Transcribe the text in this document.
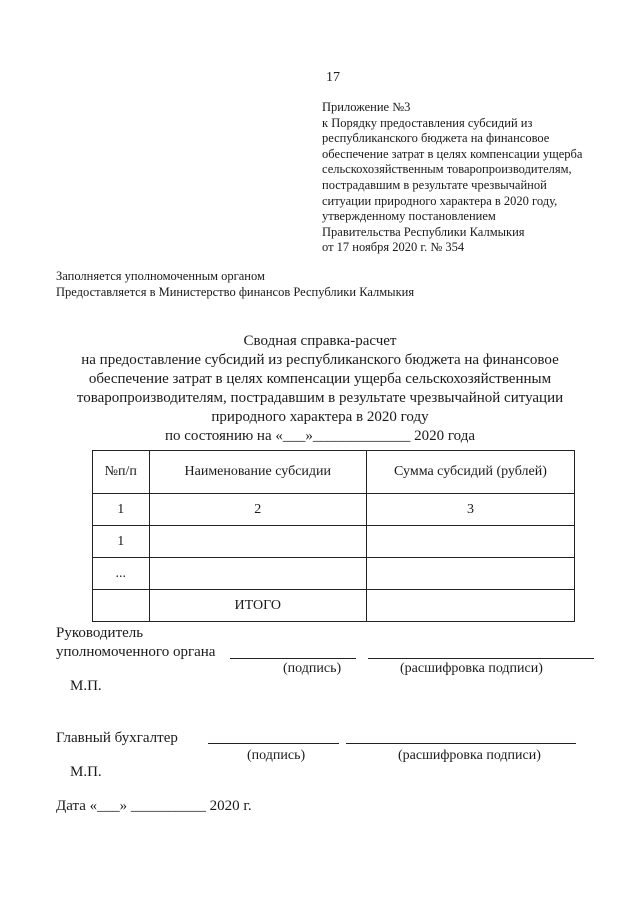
17
Приложение №3
к Порядку предоставления субсидий из
республиканского бюджета на финансовое
обеспечение затрат в целях компенсации ущерба
сельскохозяйственным товаропроизводителям,
пострадавшим в результате чрезвычайной
ситуации природного характера в 2020 году,
утвержденному постановлением
Правительства Республики Калмыкия
от 17 ноября 2020 г. № 354
Заполняется уполномоченным органом
Предоставляется в Министерство финансов Республики Калмыкия
Сводная справка-расчет
на предоставление субсидий из республиканского бюджета на финансовое
обеспечение затрат в целях компенсации ущерба сельскохозяйственным
товаропроизводителям, пострадавшим в результате чрезвычайной ситуации
природного характера в 2020 году
по состоянию на «___»_____________ 2020 года
№п/п	Наименование субсидии	Сумма субсидий (рублей)
1	2	3
1		
...		
	ИТОГО	
Руководитель
уполномоченного органа
(подпись)	(расшифровка подписи)
М.П.
Главный бухгалтер
(подпись)	(расшифровка подписи)
М.П.
Дата «___» __________ 2020 г.
